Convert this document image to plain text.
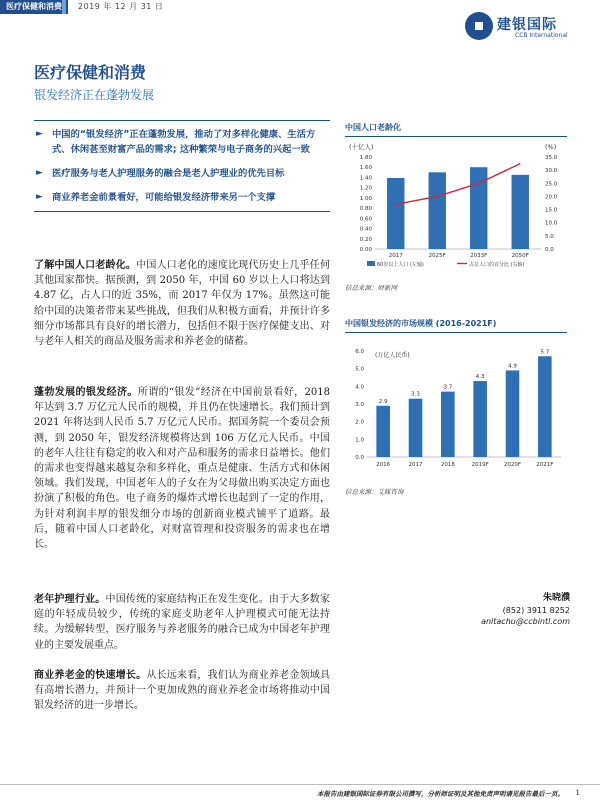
医疗保健和消费	2019 年 12 月 31 日
建银国际
CCB International
医疗保健和消费
银发经济正在蓬勃发展
► 中国的“银发经济”正在蓬勃发展，推动了对多样化健康、生活方式、休闲甚至财富产品的需求; 这种繁荣与电子商务的兴起一致
► 医疗服务与老人护理服务的融合是老人护理业的优先目标
► 商业养老金前景看好，可能给银发经济带来另一个支撑
了解中国人口老龄化。中国人口老化的速度比现代历史上几乎任何其他国家都快。据预测，到 2050 年，中国 60 岁以上人口将达到 4.87 亿，占人口的近 35%，而 2017 年仅为 17%。虽然这可能给中国的决策者带来某些挑战，但我们从积极方面看，并预计许多细分市场都具有良好的增长潜力，包括但不限于医疗保健支出、对与老年人相关的商品及服务需求和养老金的储蓄。
蓬勃发展的银发经济。所谓的“银发”经济在中国前景看好，2018 年达到 3.7 万亿元人民币的规模，并且仍在快速增长。我们预计到 2021 年将达到人民币 5.7 万亿元人民币。据国务院一个委员会预测，到 2050 年，银发经济规模将达到 106 万亿元人民币。中国的老年人往往有稳定的收入和对产品和服务的需求日益增长。他们的需求也变得越来越复杂和多样化，重点是健康、生活方式和休闲领域。我们发现，中国老年人的子女在为父母做出购买决定方面也扮演了积极的角色。电子商务的爆炸式增长也起到了一定的作用，为针对利润丰厚的银发细分市场的创新商业模式铺平了道路。最后，随着中国人口老龄化，对财富管理和投资服务的需求也在增长。
老年护理行业。中国传统的家庭结构正在发生变化。由于大多数家庭的年轻成员较少，传统的家庭支助老年人护理模式可能无法持续。为缓解转型，医疗服务与养老服务的融合已成为中国老年护理业的主要发展重点。
商业养老金的快速增长。从长远来看，我们认为商业养老金领域具有高增长潜力，并预计一个更加成熟的商业养老金市场将推动中国银发经济的进一步增长。
中国人口老龄化
(十亿人)	(%)
0.00
0.20
0.40
0.60
0.80
1.00
1.20
1.40
1.60
1.80
0.0
5.0
10.0
15.0
20.0
25.0
30.0
35.0
2017	2025F	2033F	2050F
60岁以上人口 (左轴)	占总人口的百分比 (右轴)
信息来源：财新网
中国银发经济的市场规模 (2016-2021F)
0.0
1.0
2.0
3.0
4.0
5.0
6.0 (万亿人民币)
2.9
2016
3.3
2017
3.7
2018
4.3
2019F
4.9
2020F
5.7
2021F
信息来源：艾媒咨询
朱晓濮
(852) 3911 8252
anitachu@ccbintl.com
本报告由建银国际证券有限公司撰写，分析师证明及其他免责声明请见报告最后一页。 1
